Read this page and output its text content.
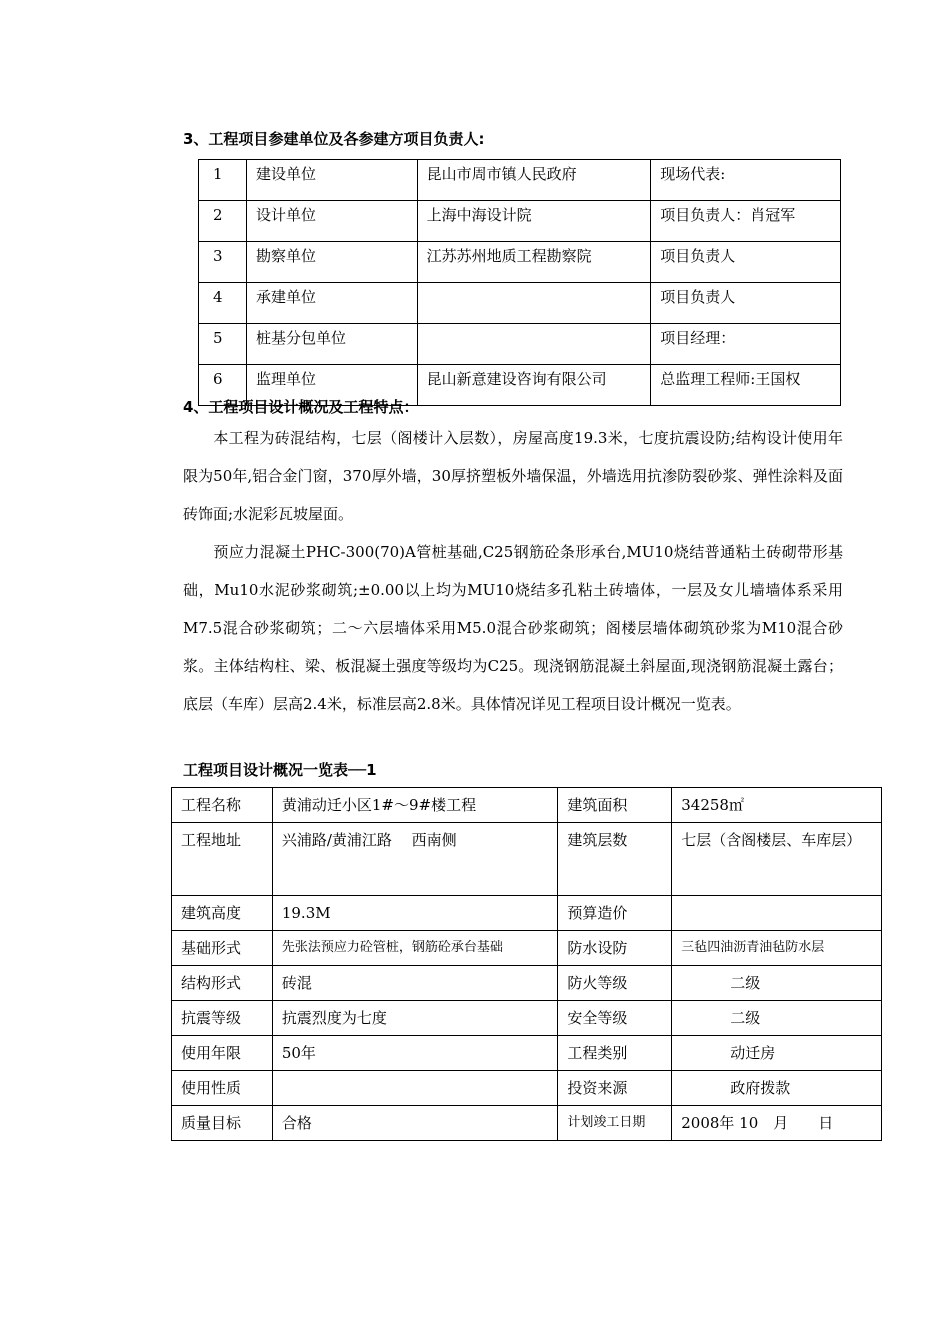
3、工程项目参建单位及各参建方项目负责人:
1	建设单位	昆山市周市镇人民政府	现场代表:
2	设计单位	上海中海设计院	项目负责人：肖冠军
3	勘察单位	江苏苏州地质工程勘察院	项目负责人
4	承建单位		项目负责人
5	桩基分包单位		项目经理：
6	监理单位	昆山新意建设咨询有限公司	总监理工程师:王国权
4、工程项目设计概况及工程特点：
本工程为砖混结构，七层（阁楼计入层数），房屋高度19.3米，七度抗震设防;结构设计使用年限为50年,铝合金门窗，370厚外墙，30厚挤塑板外墙保温，外墙选用抗渗防裂砂浆、弹性涂料及面砖饰面;水泥彩瓦坡屋面。
预应力混凝土PHC-300(70)A管桩基础,C25钢筋砼条形承台,MU10烧结普通粘土砖砌带形基础，Mu10水泥砂浆砌筑;±0.00以上均为MU10烧结多孔粘土砖墙体，一层及女儿墙墙体系采用M7.5混合砂浆砌筑；二～六层墙体采用M5.0混合砂浆砌筑；阁楼层墙体砌筑砂浆为M10混合砂浆。主体结构柱、梁、板混凝土强度等级均为C25。现浇钢筋混凝土斜屋面,现浇钢筋混凝土露台；底层（车库）层高2.4米，标准层高2.8米。具体情况详见工程项目设计概况一览表。
工程项目设计概况一览表──1
工程名称	黄浦动迁小区1#～9#楼工程	建筑面积	34258㎡
工程地址	兴浦路/黄浦江路　 西南侧	建筑层数	七层（含阁楼层、车库层）
建筑高度	19.3M	预算造价	
基础形式	先张法预应力砼管桩，钢筋砼承台基础	防水设防	三毡四油沥青油毡防水层
结构形式	砖混	防火等级	二级
抗震等级	抗震烈度为七度	安全等级	二级
使用年限	50年	工程类别	动迁房
使用性质		投资来源	政府拨款
质量目标	合格	计划竣工日期	2008年 10　月　　日
